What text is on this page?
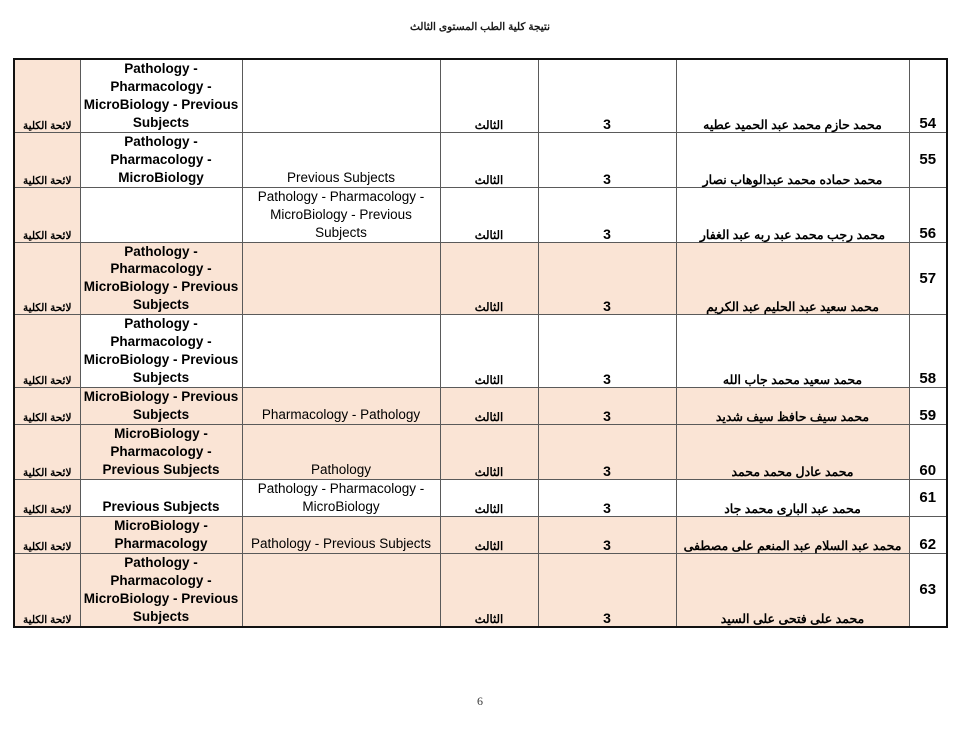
نتيجة كلية الطب المستوى الثالث
54	محمد حازم محمد عبد الحميد عطيه	3	الثالث		Pathology - Pharmacology - MicroBiology - Previous Subjects	لائحة الكلية
55	محمد حماده محمد عبدالوهاب نصار	3	الثالث	Previous Subjects	Pathology - Pharmacology - MicroBiology	لائحة الكلية
56	محمد رجب محمد عبد ربه عبد الغفار	3	الثالث	Pathology - Pharmacology - MicroBiology - Previous Subjects		لائحة الكلية
57	محمد سعيد عبد الحليم عبد الكريم	3	الثالث		Pathology - Pharmacology - MicroBiology - Previous Subjects	لائحة الكلية
58	محمد سعيد محمد جاب الله	3	الثالث		Pathology - Pharmacology - MicroBiology - Previous Subjects	لائحة الكلية
59	محمد سيف حافظ سيف شديد	3	الثالث	Pharmacology - Pathology	MicroBiology - Previous Subjects	لائحة الكلية
60	محمد عادل محمد محمد	3	الثالث	Pathology	MicroBiology - Pharmacology - Previous Subjects	لائحة الكلية
61	محمد عبد البارى محمد جاد	3	الثالث	Pathology - Pharmacology - MicroBiology	Previous Subjects	لائحة الكلية
62	محمد عبد السلام عبد المنعم على مصطفى	3	الثالث	Pathology - Previous Subjects	MicroBiology - Pharmacology	لائحة الكلية
63	محمد على فتحى على السيد	3	الثالث		Pathology - Pharmacology - MicroBiology - Previous Subjects	لائحة الكلية
6
